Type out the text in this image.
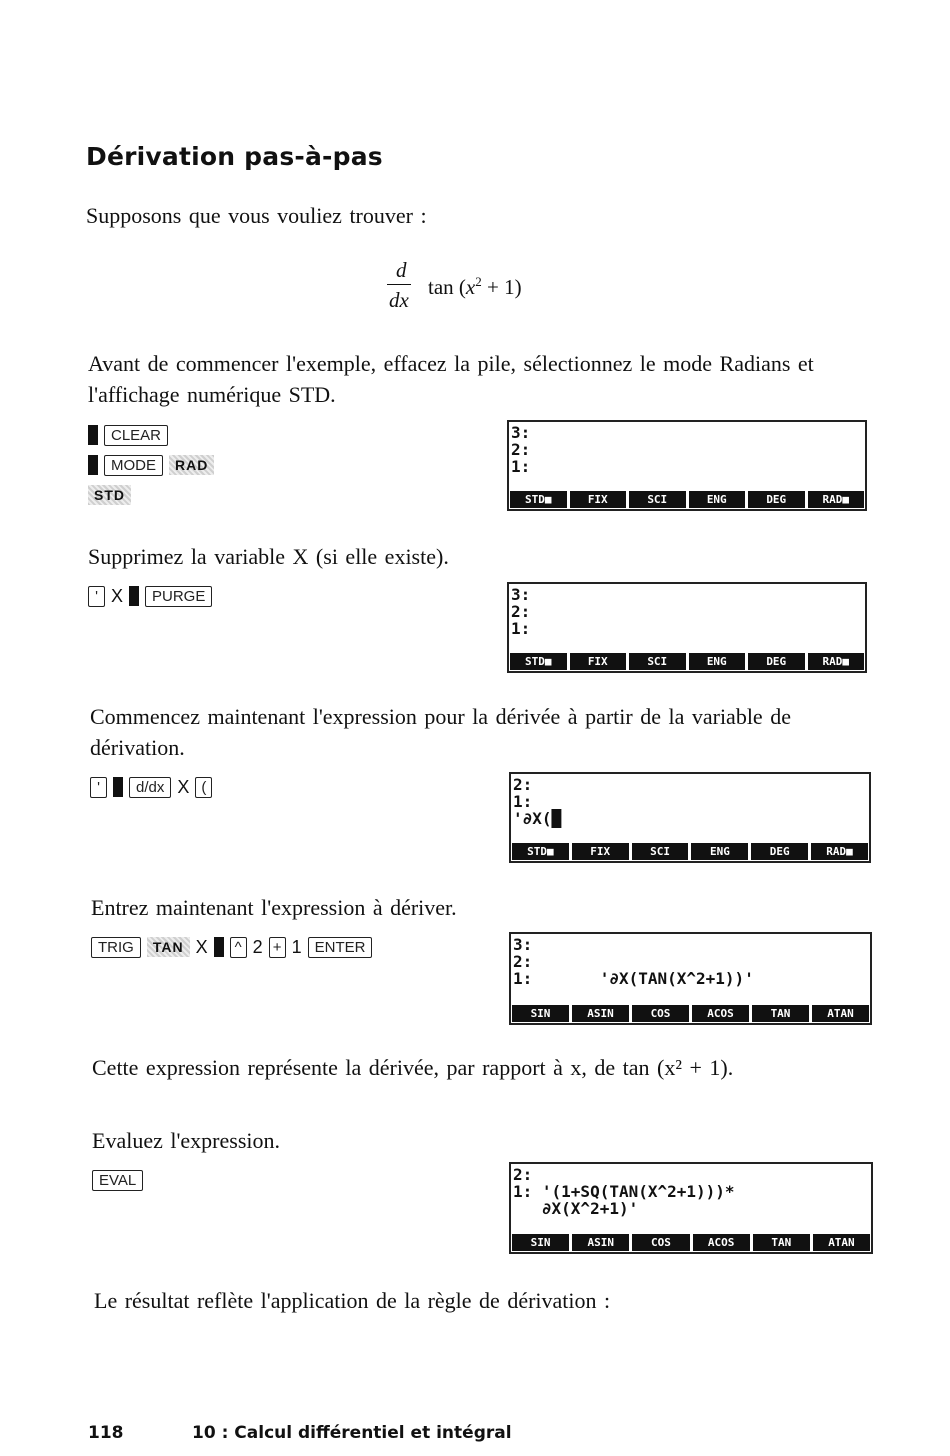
Dérivation pas-à-pas

Supposons que vous vouliez trouver :

d
dx
$\tan (x^2 + 1)$

Avant de commencer l'exemple, effacez la pile, sélectionnez le mode Radians et l'affichage numérique STD.

CLEAR
MODE	RAD
STD
3:
2:
1:
STD■	FIX	SCI	ENG	DEG	RAD■

Supprimez la variable X (si elle existe).

' X	PURGE	3:
2:
1:
STD■	FIX	SCI	ENG	DEG	RAD■

Commencez maintenant l'expression pour la dérivée à partir de la variable de dérivation.

'	d/dx X (	2:
1:
'∂X(█
STD■	FIX	SCI	ENG	DEG	RAD■

Entrez maintenant l'expression à dériver.

TRIG	TAN X	^ 2 + 1 ENTER	3:
2:
1:       '∂X(TAN(X^2+1))'
SIN	ASIN	COS	ACOS	TAN	ATAN

Cette expression représente la dérivée, par rapport à x, de tan (x² + 1).

Evaluez l'expression.

EVAL	2:
1: '(1+SQ(TAN(X^2+1)))*
∂X(X^2+1)'
SIN	ASIN	COS	ACOS	TAN	ATAN

Le résultat reflète l'application de la règle de dérivation :

118	10 : Calcul différentiel et intégral
